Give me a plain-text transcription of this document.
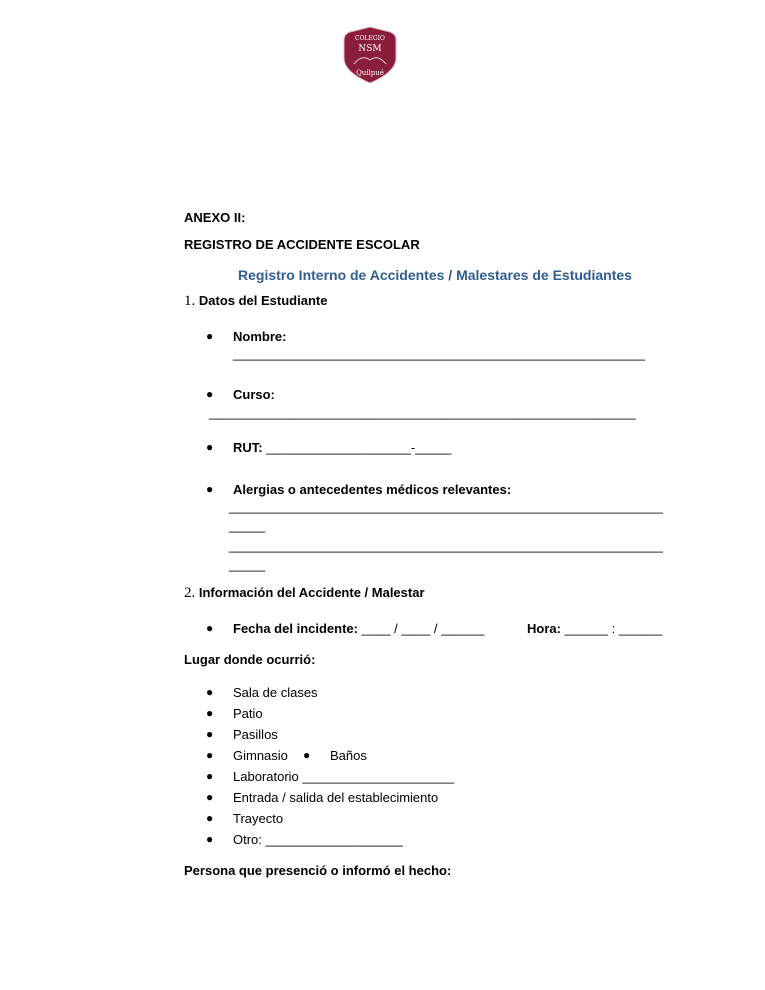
COLEGIO
NSM
Quilpué
ANEXO II:
REGISTRO DE ACCIDENTE ESCOLAR
Registro Interno de Accidentes / Malestares de Estudiantes
1. Datos del Estudiante
● Nombre:
_________________________________________________________
● Curso:
___________________________________________________________
● RUT: ____________________-_____
● Alergias o antecedentes médicos relevantes:
____________________________________________________________
_____
____________________________________________________________
_____
2. Información del Accidente / Malestar
● Fecha del incidente: ____ / ____ / ______	Hora: ______ : ______
Lugar donde ocurrió:
● Sala de clases
● Patio
● Pasillos
● Gimnasio ● Baños
● Laboratorio _____________________
● Entrada / salida del establecimiento
● Trayecto
● Otro: ___________________
Persona que presenció o informó el hecho:
